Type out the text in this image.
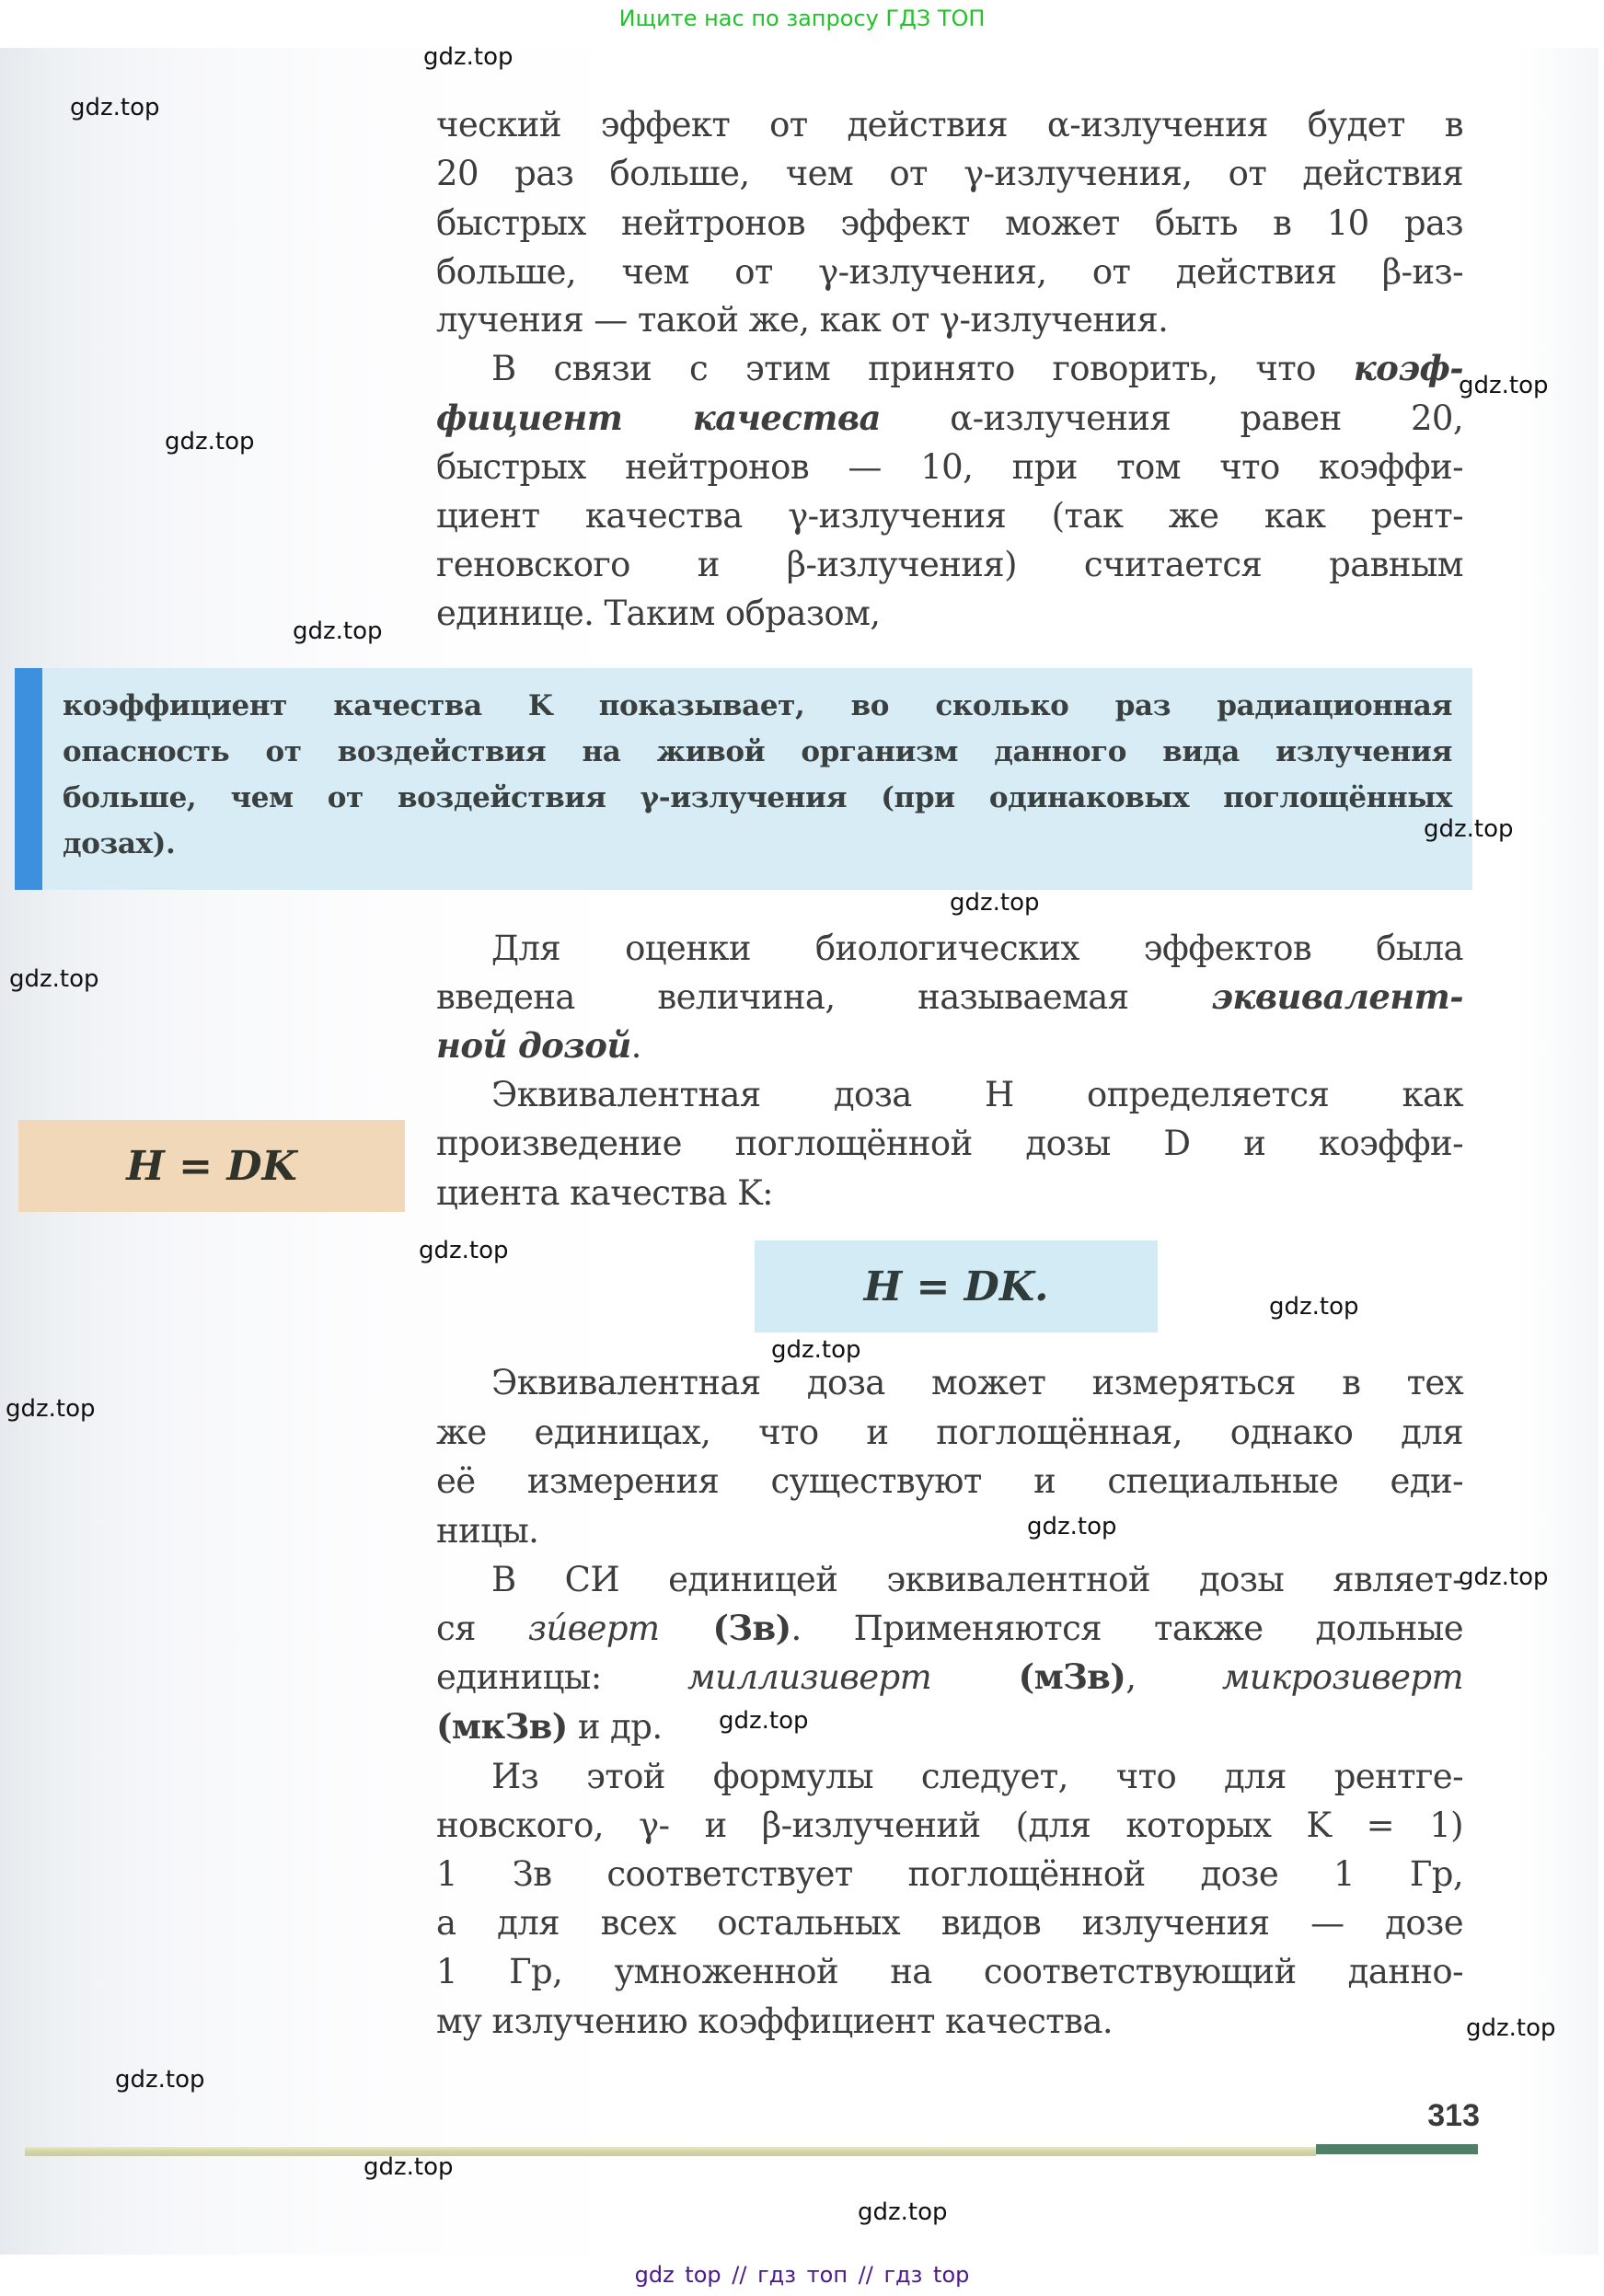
Ищите нас по запросу ГДЗ ТОП
ческий эффект от действия α-излучения будет в
20 раз больше, чем от γ-излучения, от действия
быстрых нейтронов эффект может быть в 10 раз
больше, чем от γ-излучения, от действия β-из-
лучения — такой же, как от γ-излучения.
В связи с этим принято говорить, что коэф-
фициент качества α-излучения равен 20,
быстрых нейтронов — 10, при том что коэффи-
циент качества γ-излучения (так же как рент-
геновского и β-излучения) считается равным
единице. Таким образом,
коэффициент качества K показывает, во сколько раз радиационная
опасность от воздействия на живой организм данного вида излучения
больше, чем от воздействия γ-излучения (при одинаковых поглощённых
дозах).
Для оценки биологических эффектов была
введена величина, называемая эквивалент-
ной дозой.
Эквивалентная доза H определяется как
произведение поглощённой дозы D и коэффи-
циента качества K:
H = DK
H = DK.
Эквивалентная доза может измеряться в тех
же единицах, что и поглощённая, однако для
её измерения существуют и специальные еди-
ницы.
В СИ единицей эквивалентной дозы являет-
ся зи́верт (Зв). Применяются также дольные
единицы: миллизиверт (мЗв), микрозиверт
(мкЗв) и др.
Из этой формулы следует, что для рентге-
новского, γ- и β-излучений (для которых K = 1)
1 Зв соответствует поглощённой дозе 1 Гр,
а для всех остальных видов излучения — дозе
1 Гр, умноженной на соответствующий данно-
му излучению коэффициент качества.
313
gdz.top
gdz.top
gdz.top
gdz.top
gdz.top
gdz.top
gdz.top
gdz.top
gdz.top
gdz.top
gdz.top
gdz.top
gdz.top
gdz.top
gdz.top
gdz.top
gdz.top
gdz.top
gdz.top
gdz top // гдз топ // гдз top
